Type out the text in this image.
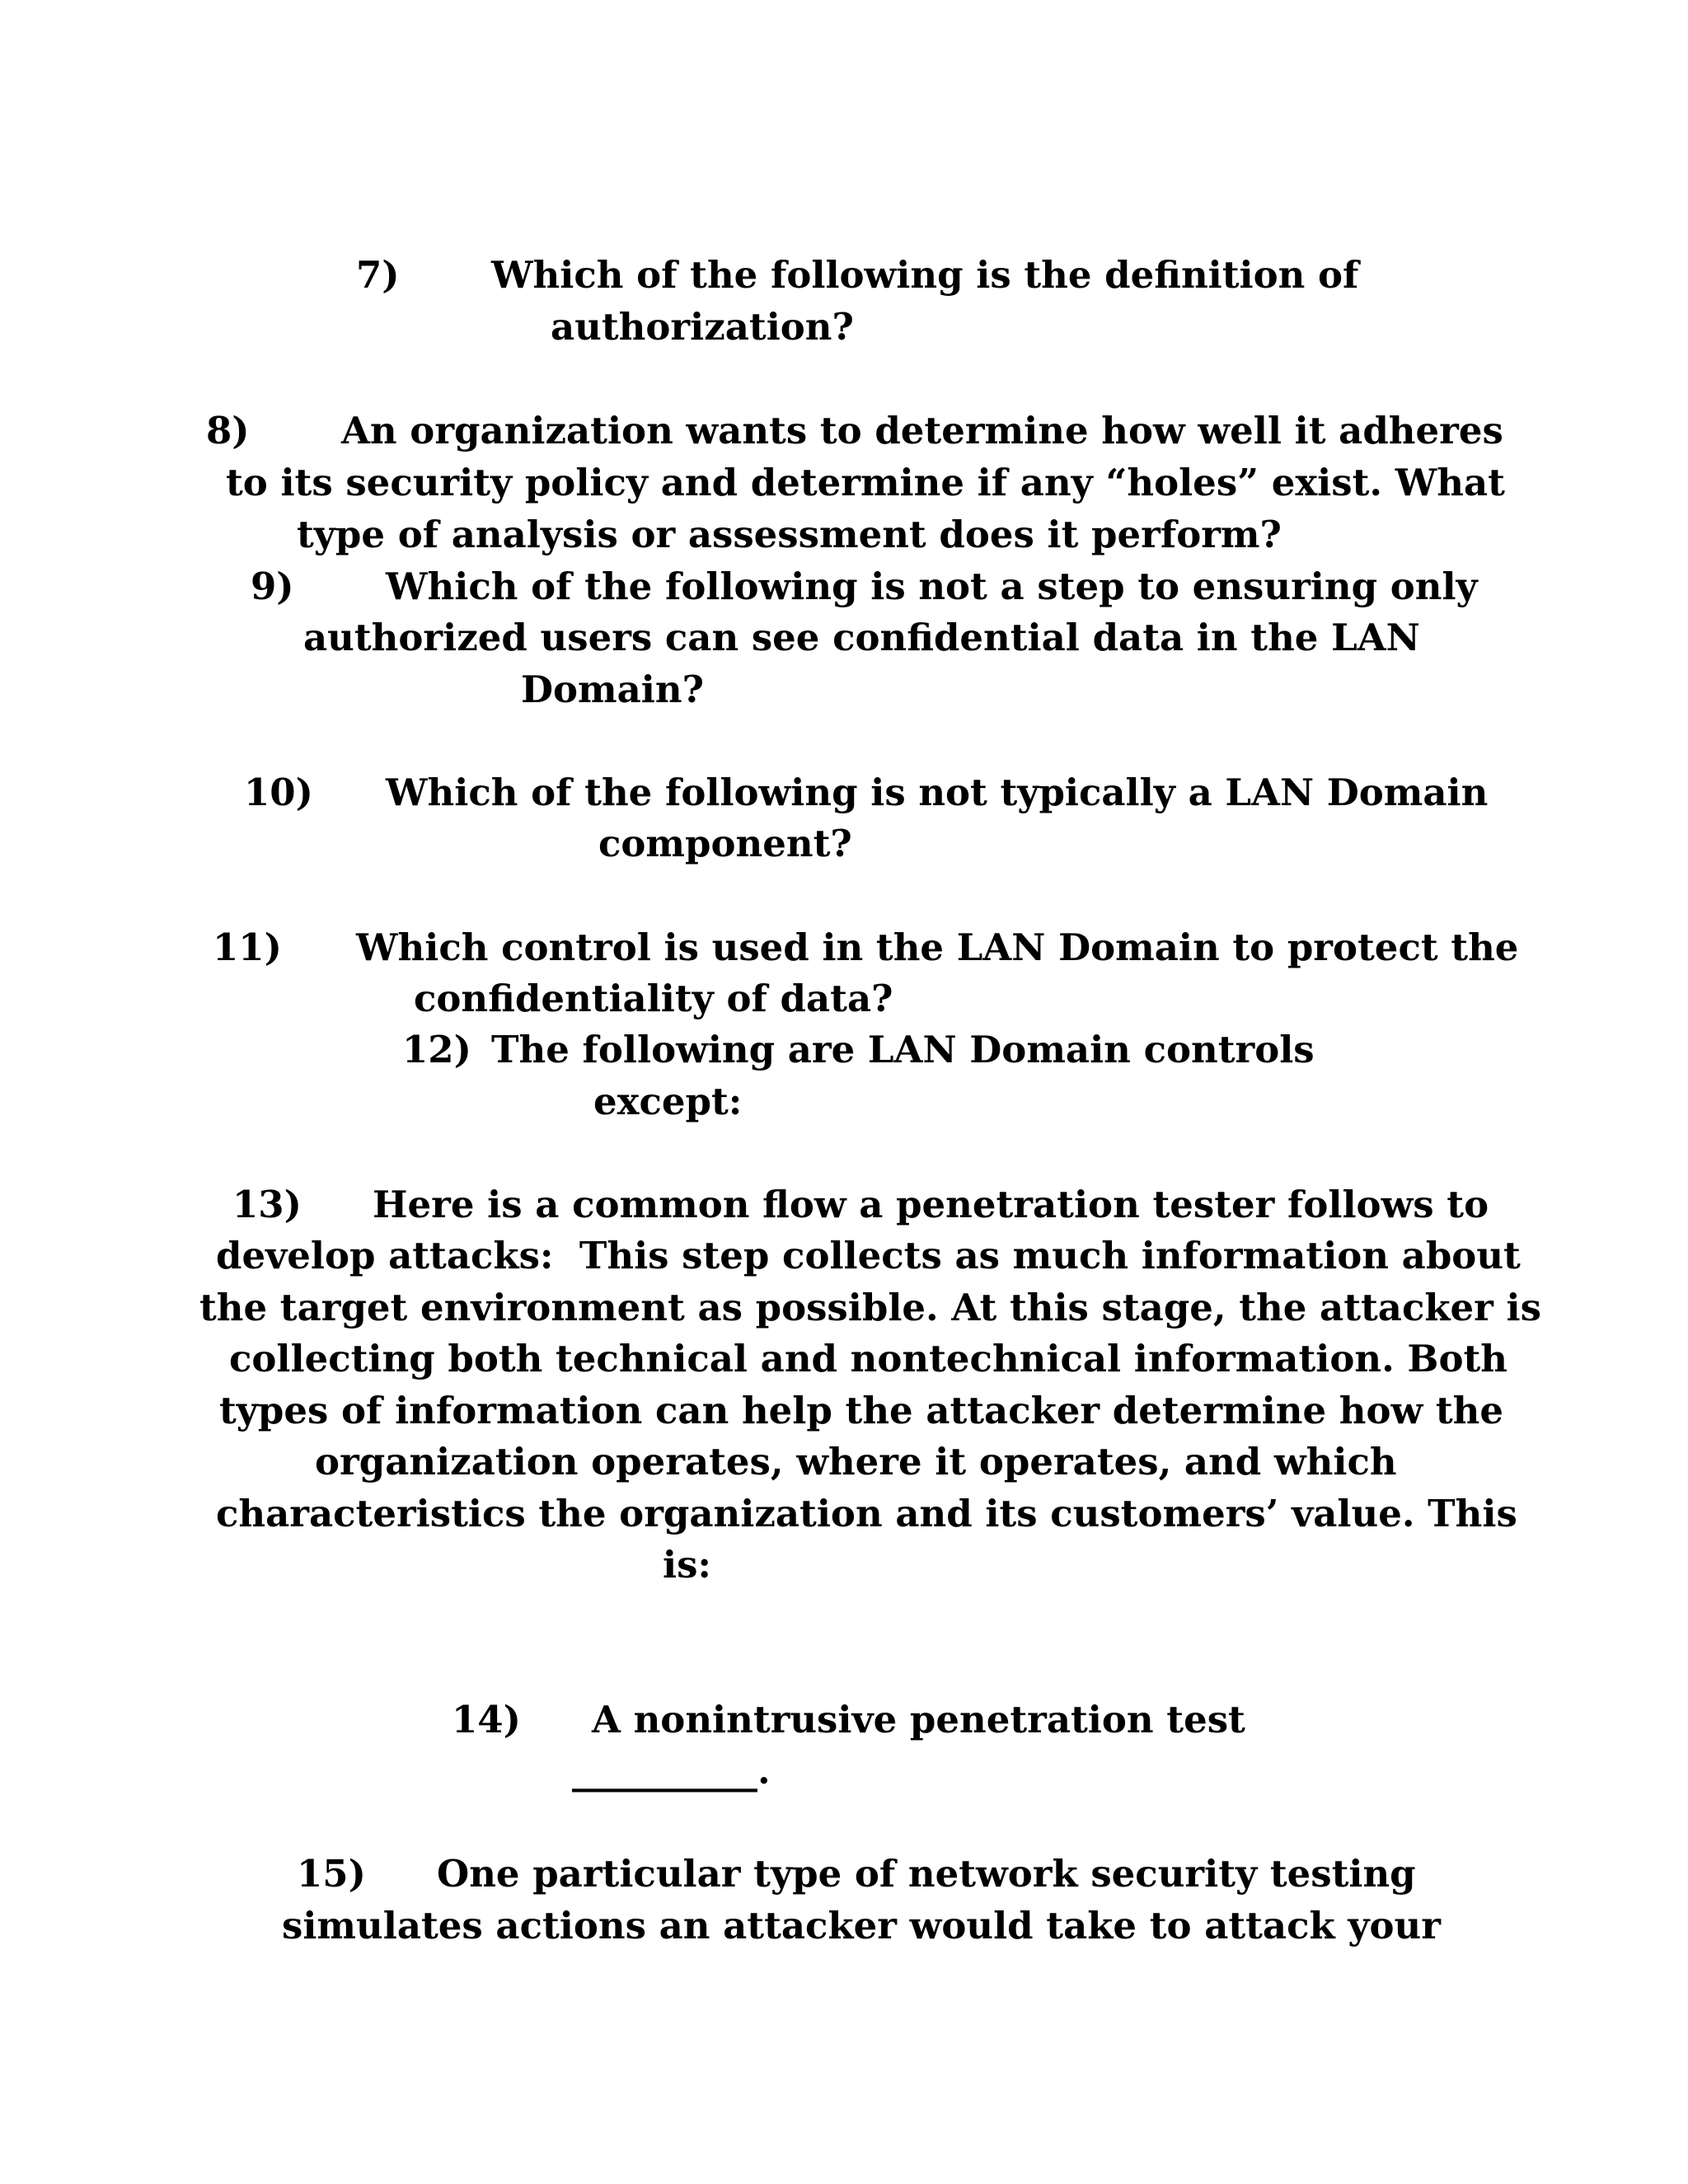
7) Which of the following is the definition of
authorization?
8) An organization wants to determine how well it adheres
to its security policy and determine if any “holes” exist. What
type of analysis or assessment does it perform?
9) Which of the following is not a step to ensuring only
authorized users can see confidential data in the LAN
Domain?
10) Which of the following is not typically a LAN Domain
component?
11) Which control is used in the LAN Domain to protect the
confidentiality of data?
12) The following are LAN Domain controls
except:
13) Here is a common flow a penetration tester follows to
develop attacks:  This step collects as much information about
the target environment as possible. At this stage, the attacker is
collecting both technical and nontechnical information. Both
types of information can help the attacker determine how the
organization operates, where it operates, and which
characteristics the organization and its customers’ value. This
is:
14) A nonintrusive penetration test
__________.
15) One particular type of network security testing
simulates actions an attacker would take to attack your
